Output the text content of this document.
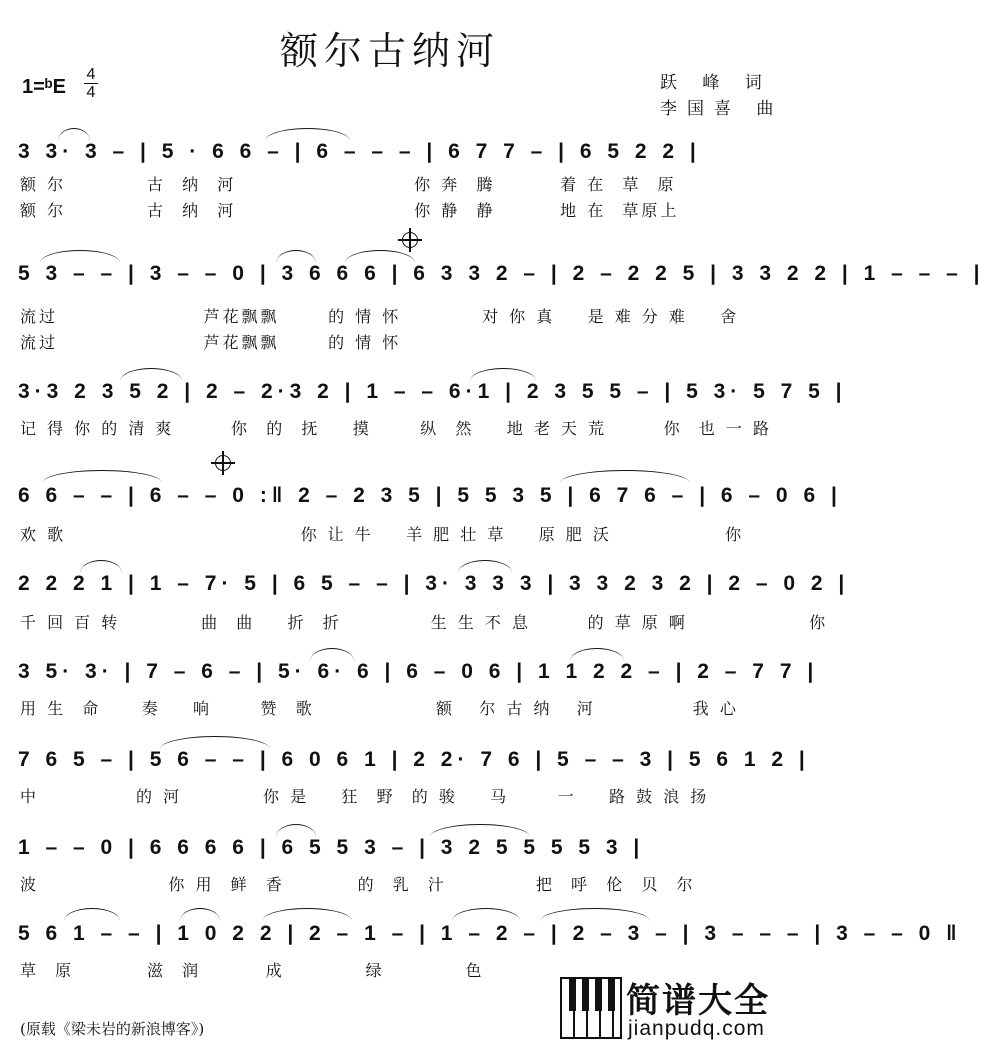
额尔古纳河
1=ᵇE
4
4	跃 峰 词
李国喜 曲
3 3· 3 – | 5 · 6 6 – | 6 – – – | 6 7 7 – | 6 5 2 2 |
额 尔          古  纳  河                      你 奔  腾        着 在  草  原
额 尔          古  纳  河                      你 静  静        地 在  草原上
5 3 – – | 3 – – 0 | 3 6 6 6 | 6 3 3 2 – | 2 – 2 2 5 | 3 3 2 2 | 1 – – – |
流过                  芦花飘飘      的 情 怀          对 你 真    是 难 分 难    舍
流过                  芦花飘飘      的 情 怀
3·3 2 3 5 2 | 2 – 2·3 2 | 1 – – 6·1 | 2 3 5 5 – | 5 3· 5 7 5 |
记 得 你 的 清 爽       你  的  抚    摸      纵  然    地 老 天 荒       你  也 一 路
6 6 – – | 6 – – 0 :‖ 2 – 2 3 5 | 5 5 3 5 | 6 7 6 – | 6 – 0 6 |
欢 歌                             你 让 牛    羊 肥 壮 草    原 肥 沃              你
2 2 2 1 | 1 – 7· 5 | 6 5 – – | 3· 3 3 3 | 3 3 2 3 2 | 2 – 0 2 |
千 回 百 转          曲  曲    折  折           生 生 不 息       的 草 原 啊               你
3 5· 3· | 7 – 6 – | 5· 6· 6 | 6 – 0 6 | 1 1 2 2 – | 2 – 7 7 |
用 生  命     奏    响      赞  歌               额   尔 古 纳   河            我 心
7 6 5 – | 5 6 – – | 6 0 6 1 | 2 2· 7 6 | 5 – – 3 | 5 6 1 2 |
中            的 河          你 是    狂  野  的 骏    马      一    路 鼓 浪 扬
1 – – 0 | 6 6 6 6 | 6 5 5 3 – | 3 2 5 5 5 5 3 |
波                你 用  鲜  香         的  乳  汁           把  呼  伦  贝  尔
5 6 1 – – | 1 0 2 2 | 2 – 1 – | 1 – 2 – | 2 – 3 – | 3 – – – | 3 – – 0 ‖
草  原         滋  润        成          绿          色
(原载《梁未岩的新浪博客》)
简谱大全
jianpudq.com
